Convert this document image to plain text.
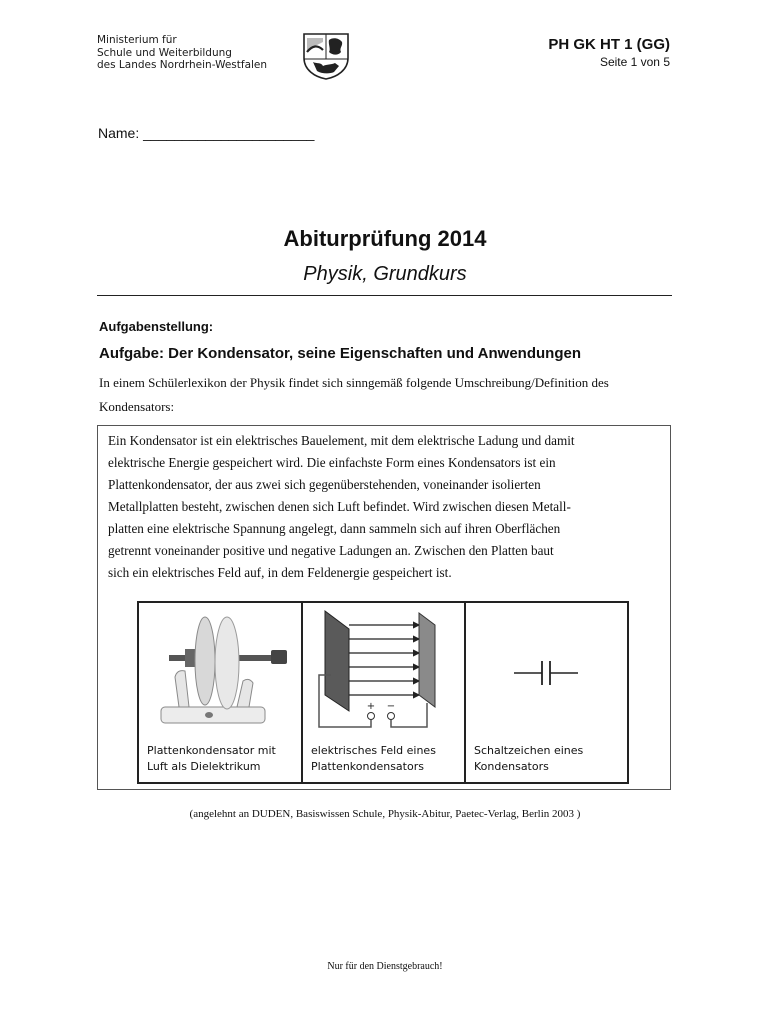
Ministerium für
Schule und Weiterbildung
des Landes Nordrhein-Westfalen
PH GK HT 1 (GG)
Seite 1 von 5
Name: ______________________
Abiturprüfung 2014
Physik, Grundkurs
Aufgabenstellung:
Aufgabe: Der Kondensator, seine Eigenschaften und Anwendungen
In einem Schülerlexikon der Physik findet sich sinngemäß folgende Umschreibung/Definition des Kondensators:
Ein Kondensator ist ein elektrisches Bauelement, mit dem elektrische Ladung und damit
elektrische Energie gespeichert wird. Die einfachste Form eines Kondensators ist ein
Plattenkondensator, der aus zwei sich gegenüberstehenden, voneinander isolierten
Metallplatten besteht, zwischen denen sich Luft befindet. Wird zwischen diesen Metall-
platten eine elektrische Spannung angelegt, dann sammeln sich auf ihren Oberflächen
getrennt voneinander positive und negative Ladungen an. Zwischen den Platten baut
sich ein elektrisches Feld auf, in dem Feldenergie gespeichert ist.
Plattenkondensator mit
Luft als Dielektrikum
+ −
elektrisches Feld eines
Plattenkondensators
Schaltzeichen eines
Kondensators
(angelehnt an DUDEN, Basiswissen Schule, Physik-Abitur, Paetec-Verlag, Berlin 2003 )
Nur für den Dienstgebrauch!
